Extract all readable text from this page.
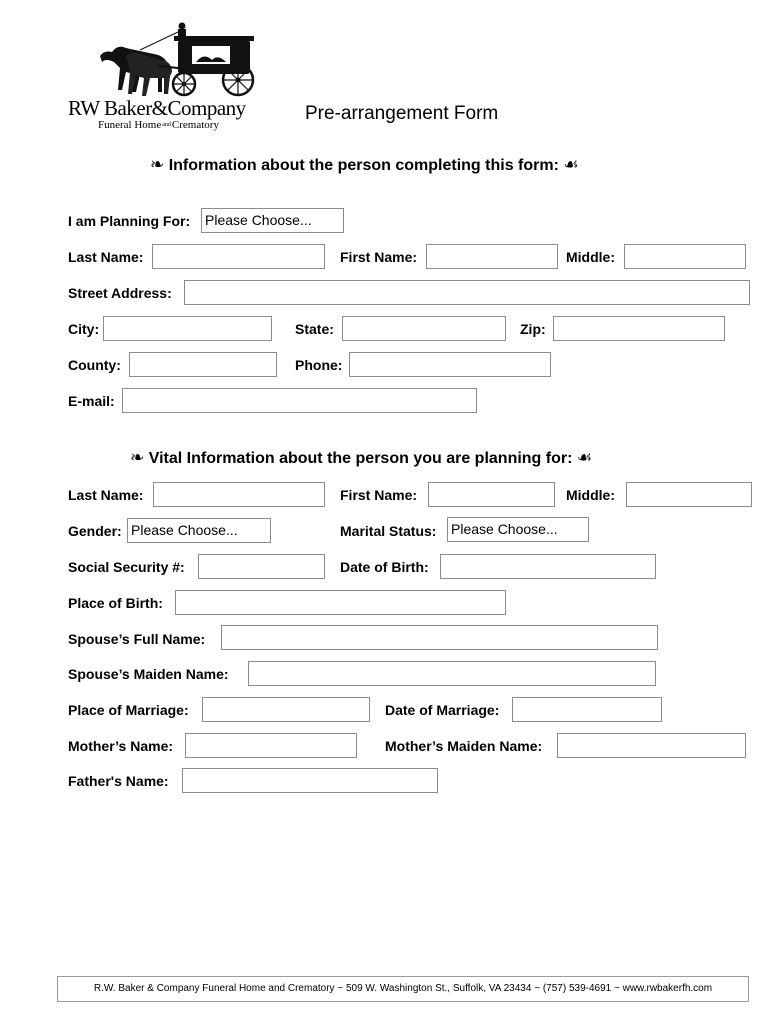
RW Baker&Company
Funeral HomeandCrematory
Pre-arrangement Form
❧ Information about the person completing this form: ☙
I am Planning For: Please Choose...
Last Name:	First Name:	Middle:
Street Address:
City:	State:	Zip:
County:	Phone:
E-mail:
❧ Vital Information about the person you are planning for: ☙
Last Name:	First Name:	Middle:
Gender: Please Choose...	Marital Status: Please Choose...
Social Security #:	Date of Birth:
Place of Birth:
Spouse’s Full Name:
Spouse’s Maiden Name:
Place of Marriage:	Date of Marriage:
Mother’s Name:	Mother’s Maiden Name:
Father's Name:
R.W. Baker & Company Funeral Home and Crematory ~ 509 W. Washington St., Suffolk, VA 23434 ~ (757) 539-4691 ~ www.rwbakerfh.com
